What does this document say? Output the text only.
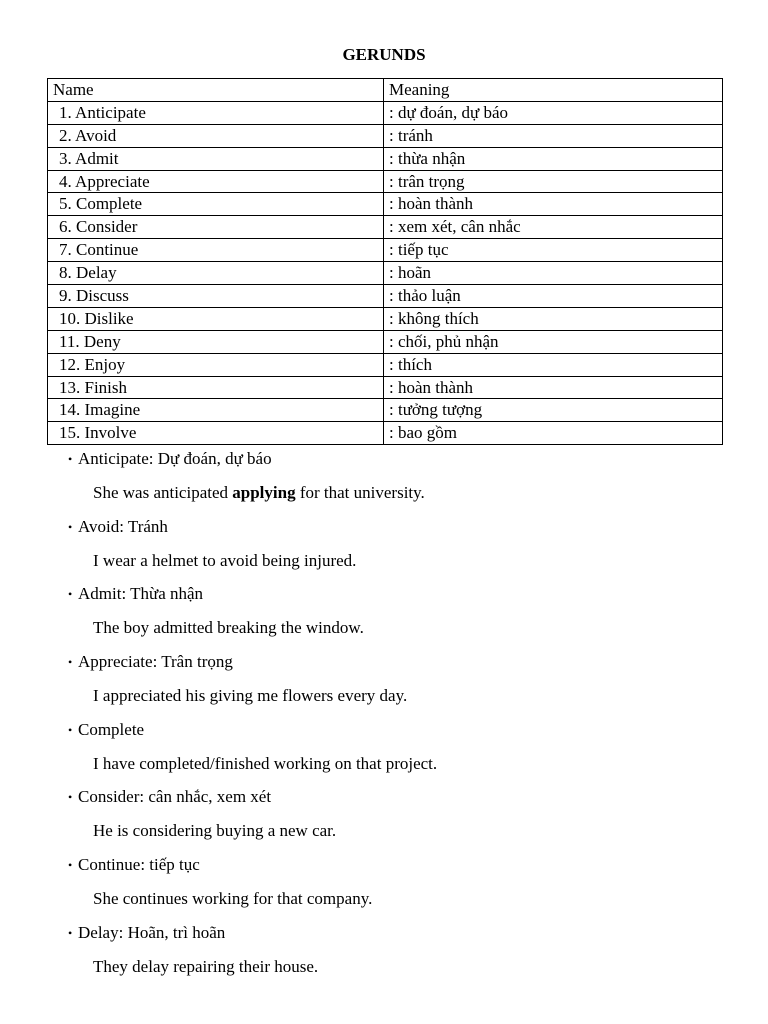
GERUNDS
Name	Meaning
1. Anticipate	: dự đoán, dự báo
2. Avoid	: tránh
3. Admit	: thừa nhận
4. Appreciate	: trân trọng
5. Complete	: hoàn thành
6. Consider	: xem xét, cân nhắc
7. Continue	: tiếp tục
8. Delay	: hoãn
9. Discuss	: thảo luận
10. Dislike	: không thích
11. Deny	: chối, phủ nhận
12. Enjoy	: thích
13. Finish	: hoàn thành
14. Imagine	: tưởng tượng
15. Involve	: bao gồm
• Anticipate: Dự đoán, dự báo
She was anticipated applying for that university.
• Avoid: Tránh
I wear a helmet to avoid being injured.
• Admit: Thừa nhận
The boy admitted breaking the window.
• Appreciate: Trân trọng
I appreciated his giving me flowers every day.
• Complete
I have completed/finished working on that project.
• Consider: cân nhắc, xem xét
He is considering buying a new car.
• Continue: tiếp tục
She continues working for that company.
• Delay: Hoãn, trì hoãn
They delay repairing their house.
